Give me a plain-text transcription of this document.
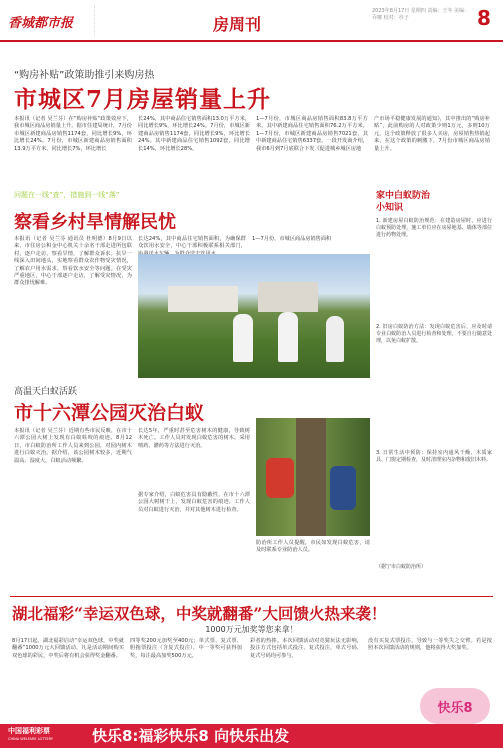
香城都市报	房周刊
2023年8月17日 星期四 责编：王冬 美编：乔娜 校对：谷子	8
“购房补贴”政策助推引来购房热
市城区7月房屋销量上升
本报讯（记者 吴兰芬）在“购房补贴”政策效应下，我市城区商品房销量上升。据市住建局统计，7月份市城区新建商品房销售1174套，同比增长9%，环比增长24%。7月份，市城区新建商品房销售面积13.9万平方米，同比增长7%，环比增长
长24%，其中商品住宅销售面积13.0万平方米，同比增长9%，环比增长24%。7月份，市城区新建商品房销售1174套，同比增长9%，环比增长24%。其中新建商品住宅销售1092套，同比增长14%，环比增长28%。
1—7月份，市城区商品房销售面积83.8万平方米，其中新建商品住宅销售面积76.2万平方米。1—7月份，市城区新建商品房销售7021套，其中新建商品住宅销售6337套。一段开发商介绍，我市6月到7月底联合下发《促进城乡城区房地
产市场平稳健康发展的通知》，其中推出的“购房补贴”，此前购房的人对政策少则1万元，多则10万元，这个政策释放了很多人买房，房屋销售热销起来，在这个政策的刺激下，7月份市城区商品房销量上升。
问题在一线“查”，措施到一线“落”
察看乡村旱情解民忧
本报讯（记者 吴兰芬 通讯员 杜明德）8月9日以来，市住房公积金中心机关十余名干部走进所包联村，逐户走访，察看旱情，了解群众诉求。抗旱一线深入田间地头，实地察看群众农作物受灾情况，了解农户用水需求，察看饮水安全等问题。在受灾严重地区，中心干部逐户走访，了解受灾情况，为群众排忧解难。
长达24%，其中商品住宅销售面积，为确保群众饮用水安全，中心干部积极联系相关部门，
1—7月份，市城区商品房销售面积
家中白蚁防治小知识
1. 新建房屋白蚁防治规范：在建造房屋时，应进行白蚁预防处理，施工单位应在房屋地基、墙体等部位进行药物处理。
2. 旧房白蚁防治方法：发现白蚁危害后，应及时请专业白蚁防治人员进行检查和处理，不要自行随意处理，以免白蚁扩散。
3. 日常生活中预防：保持室内通风干燥，木质家具、门窗定期检查，及时清理室内杂物和废旧木料。
（据宁市白蚁防治所）
高温天白蚁活跃
市十六潭公园灭治白蚁
本报讯（记者 吴兰芬）近期有些市民反映，在市十六潭公园大树上发现有白蚁蛀咬的痕迹。8月12日，市白蚁防治所工作人员来到公园，对园内树木进行白蚁灭治。据介绍，该公园树木较多，近期气温高、湿度大，白蚁活动频繁。
长达5年，严重时甚至危害树木的健康，导致树木死亡。工作人员对发现白蚁危害的树木，采用喷药、灌药等方法进行灭治。
据专家介绍，白蚁危害具有隐蔽性，在市十六潭公园大树树干上，发现白蚁危害的痕迹。工作人员对白蚁进行灭治，并对其他树木进行检查。
防治所工作人员提醒，市民如发现白蚁危害，请及时联系专业防治人员。
湖北福彩“幸运双色球，中奖就翻番”大回馈火热来袭！
1000万元加奖等您来拿！
8月17日起，湖北福彩启动“幸运双色球，中奖就翻番”1000万元大回馈活动，凡是活动期间购买双色球的彩民，中奖后将有机会获得奖金翻番。
四等奖200元加奖至400元；单式票、复式票、胆拖票投注（含复式投注），中一等奖可获得加奖，每注最高加奖500万元。
彩者的热捧。本次回馈活动对竞猜玩法无影响，投注方式包括单式投注、复式投注，单式号码、复式号码均可参与。
没有买复式票投注，导致与一等奖失之交臂。若是按照本次回馈活动的规则，他将获得大奖加奖。
快乐8
中国福利彩票
CHINA WELFARE LOTTERY	快乐8:福彩快乐8 向快乐出发
